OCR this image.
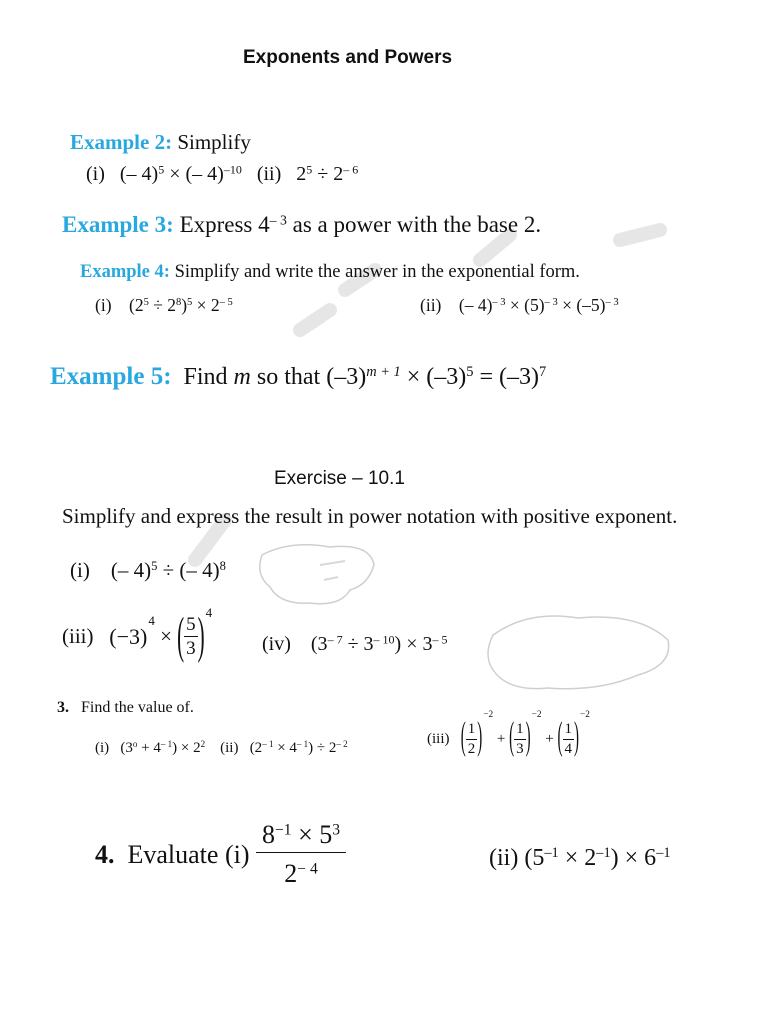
Exponents and Powers
Example 2: Simplify
(i) (– 4)$^5$ × (– 4)$^{-10}$ (ii) $2^5 \div 2^{- 6}$
Example 3: Express $4^{- 3}$ as a power with the base 2.
Example 4: Simplify and write the answer in the exponential form.
(i) $(2^5 \div 2^8)^5 \times 2^{- 5}$	(ii) (– $4)^{- 3} \times (5)^{- 3} \times (-5)^{- 3}$
Example 5: Find m so that $(-3)^{m + 1} \times (-3)^5 = (-3)^7$
Exercise – 10.1
Simplify and express the result in power notation with positive exponent.
(i) (– 4)$^5$ ÷ (– 4)$^8$
(iii)
(−3)
4

×
( $\frac{5}{3}$ ) 4
(iv) $(3^{- 7} \div 3^{- 10}) \times 3^{- 5}$
3. Find the value of.
(i) $(3^o + 4^{- 1}) \times 2^2$ (ii) $(2^{- 1} \times 4^{- 1}) \div 2^{- 2}$	(iii)
( $\frac{1}{2}$ )
−2

+
( $\frac{1}{3}$ )
−2

+
( $\frac{1}{4}$ )
−2
4.
Evaluate (i)
$\frac{8^{-1} \times 5^3}{2^{- 4}}$	(ii) $(5^{-1} \times 2^{-1}) \times 6^{-1}$
